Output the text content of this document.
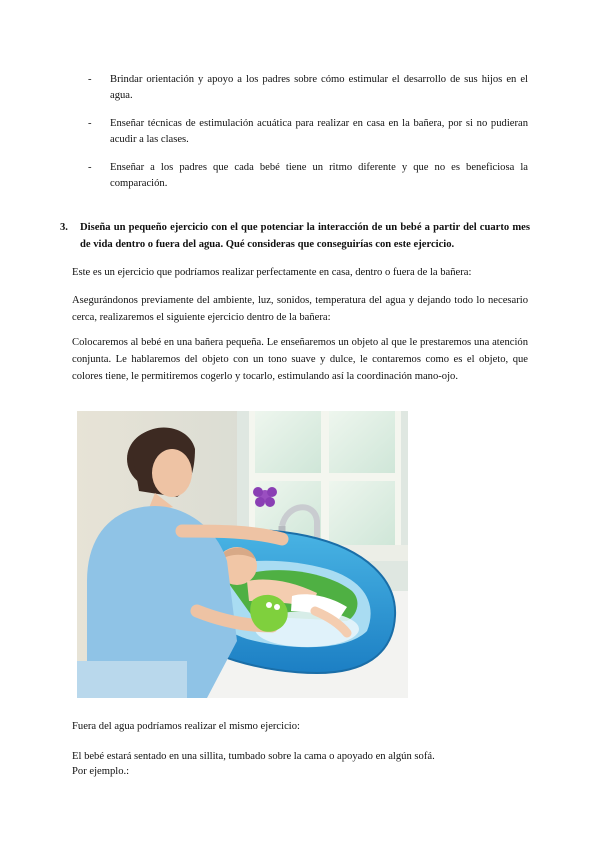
- Brindar orientación y apoyo a los padres sobre cómo estimular el desarrollo de sus hijos en el agua.
- Enseñar técnicas de estimulación acuática para realizar en casa en la bañera, por si no pudieran acudir a las clases.
- Enseñar a los padres que cada bebé tiene un ritmo diferente y que no es beneficiosa la comparación.
3. Diseña un pequeño ejercicio con el que potenciar la interacción de un bebé a partir del cuarto mes de vida dentro o fuera del agua. Qué consideras que conseguirías con este ejercicio.
Este es un ejercicio que podríamos realizar perfectamente en casa, dentro o fuera de la bañera:
Asegurándonos previamente del ambiente, luz, sonidos, temperatura del agua y dejando todo lo necesario cerca, realizaremos el siguiente ejercicio dentro de la bañera:
Colocaremos al bebé en una bañera pequeña. Le enseñaremos un objeto al que le prestaremos una atención conjunta. Le hablaremos del objeto con un tono suave y dulce, le contaremos como es el objeto, que colores tiene, le permitiremos cogerlo y tocarlo, estimulando así la coordinación mano-ojo.
Fuera del agua podríamos realizar el mismo ejercicio:
El bebé estará sentado en una sillita, tumbado sobre la cama o apoyado en algún sofá.
Por ejemplo.:
